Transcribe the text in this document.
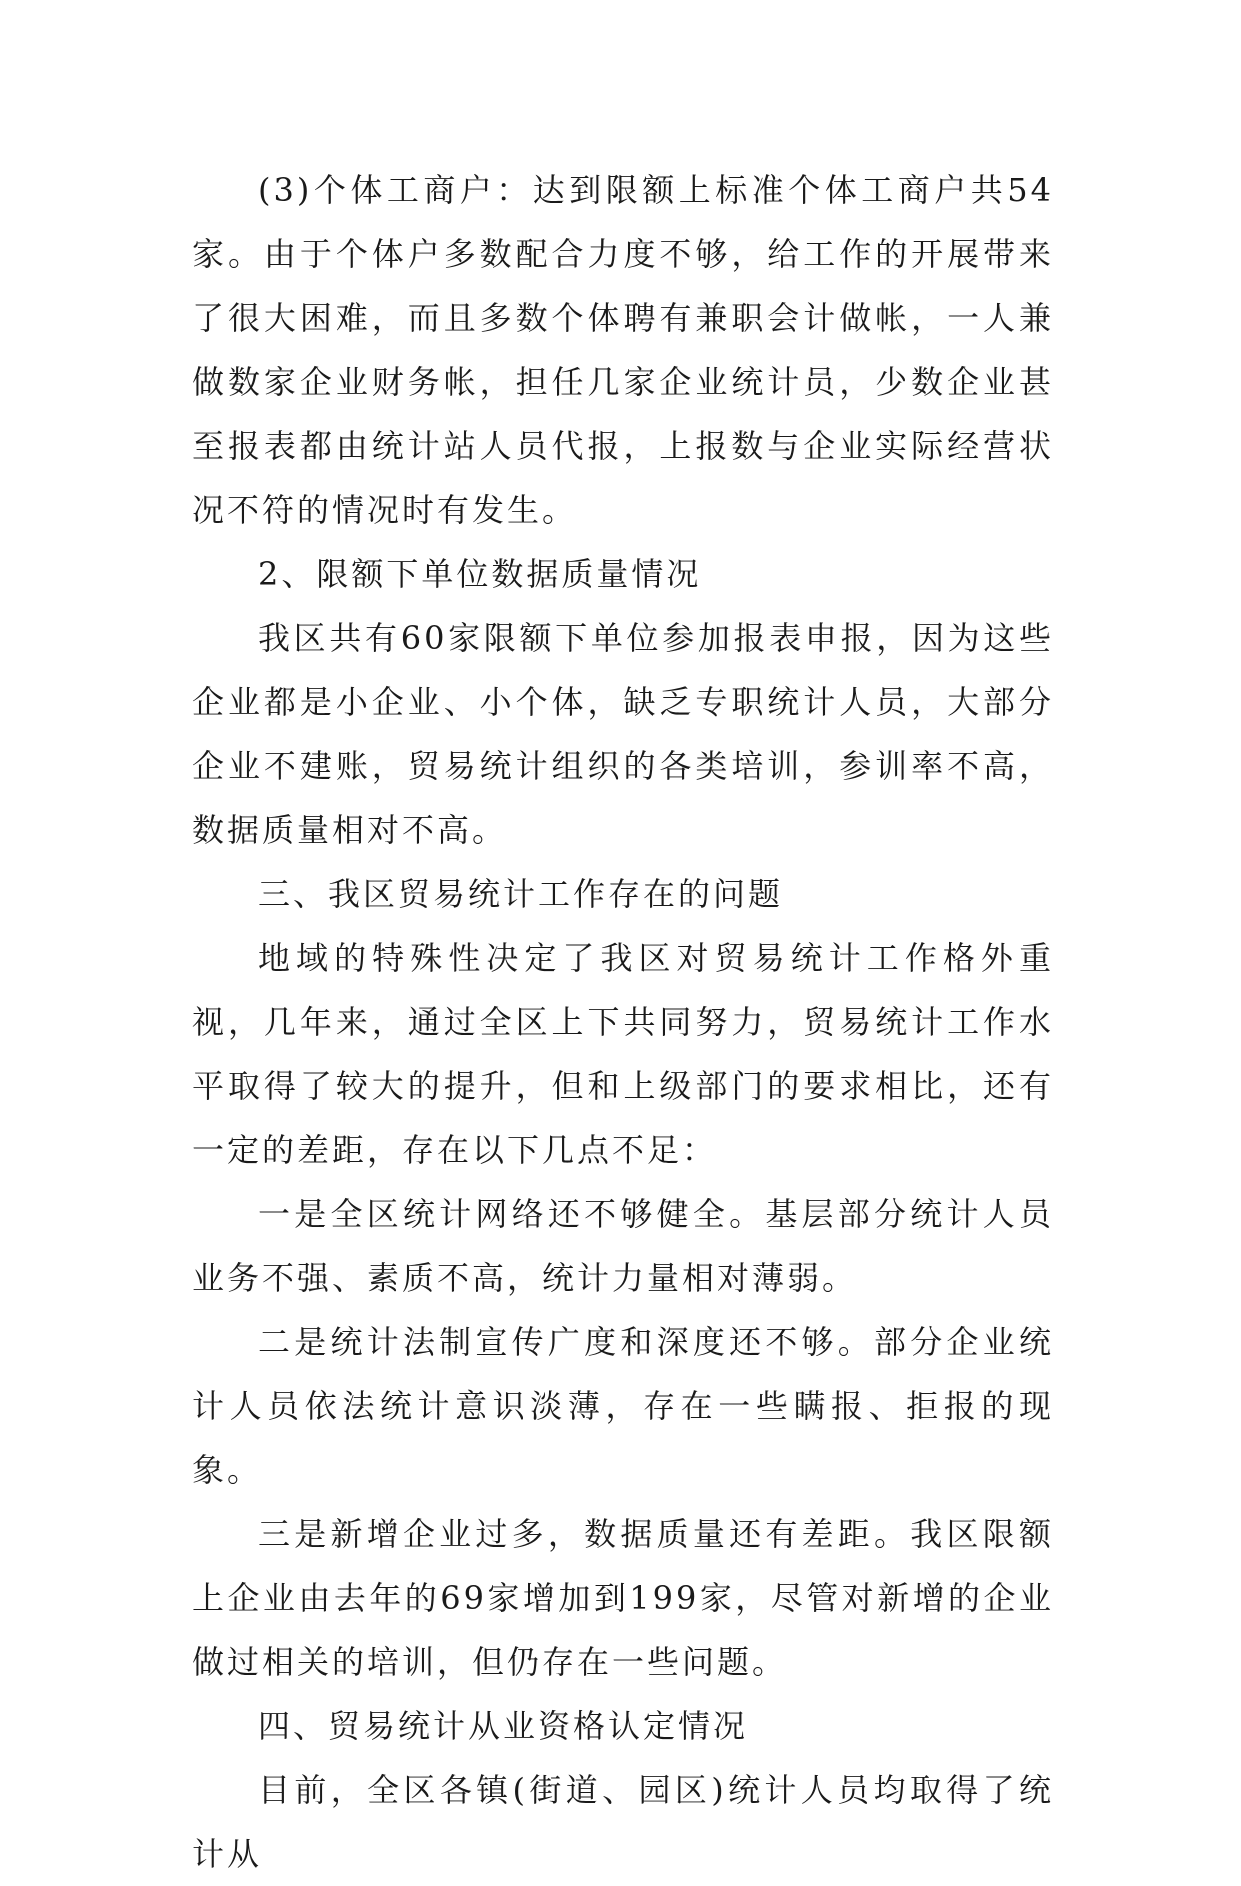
(3)个体工商户：达到限额上标准个体工商户共54家。由于个体户多数配合力度不够，给工作的开展带来了很大困难，而且多数个体聘有兼职会计做帐，一人兼做数家企业财务帐，担任几家企业统计员，少数企业甚至报表都由统计站人员代报，上报数与企业实际经营状况不符的情况时有发生。

2、限额下单位数据质量情况

我区共有60家限额下单位参加报表申报，因为这些企业都是小企业、小个体，缺乏专职统计人员，大部分企业不建账，贸易统计组织的各类培训，参训率不高，数据质量相对不高。

三、我区贸易统计工作存在的问题

地域的特殊性决定了我区对贸易统计工作格外重视，几年来，通过全区上下共同努力，贸易统计工作水平取得了较大的提升，但和上级部门的要求相比，还有一定的差距，存在以下几点不足：

一是全区统计网络还不够健全。基层部分统计人员业务不强、素质不高，统计力量相对薄弱。

二是统计法制宣传广度和深度还不够。部分企业统计人员依法统计意识淡薄，存在一些瞒报、拒报的现象。

三是新增企业过多，数据质量还有差距。我区限额上企业由去年的69家增加到199家，尽管对新增的企业做过相关的培训，但仍存在一些问题。

四、贸易统计从业资格认定情况

目前，全区各镇(街道、园区)统计人员均取得了统计从
